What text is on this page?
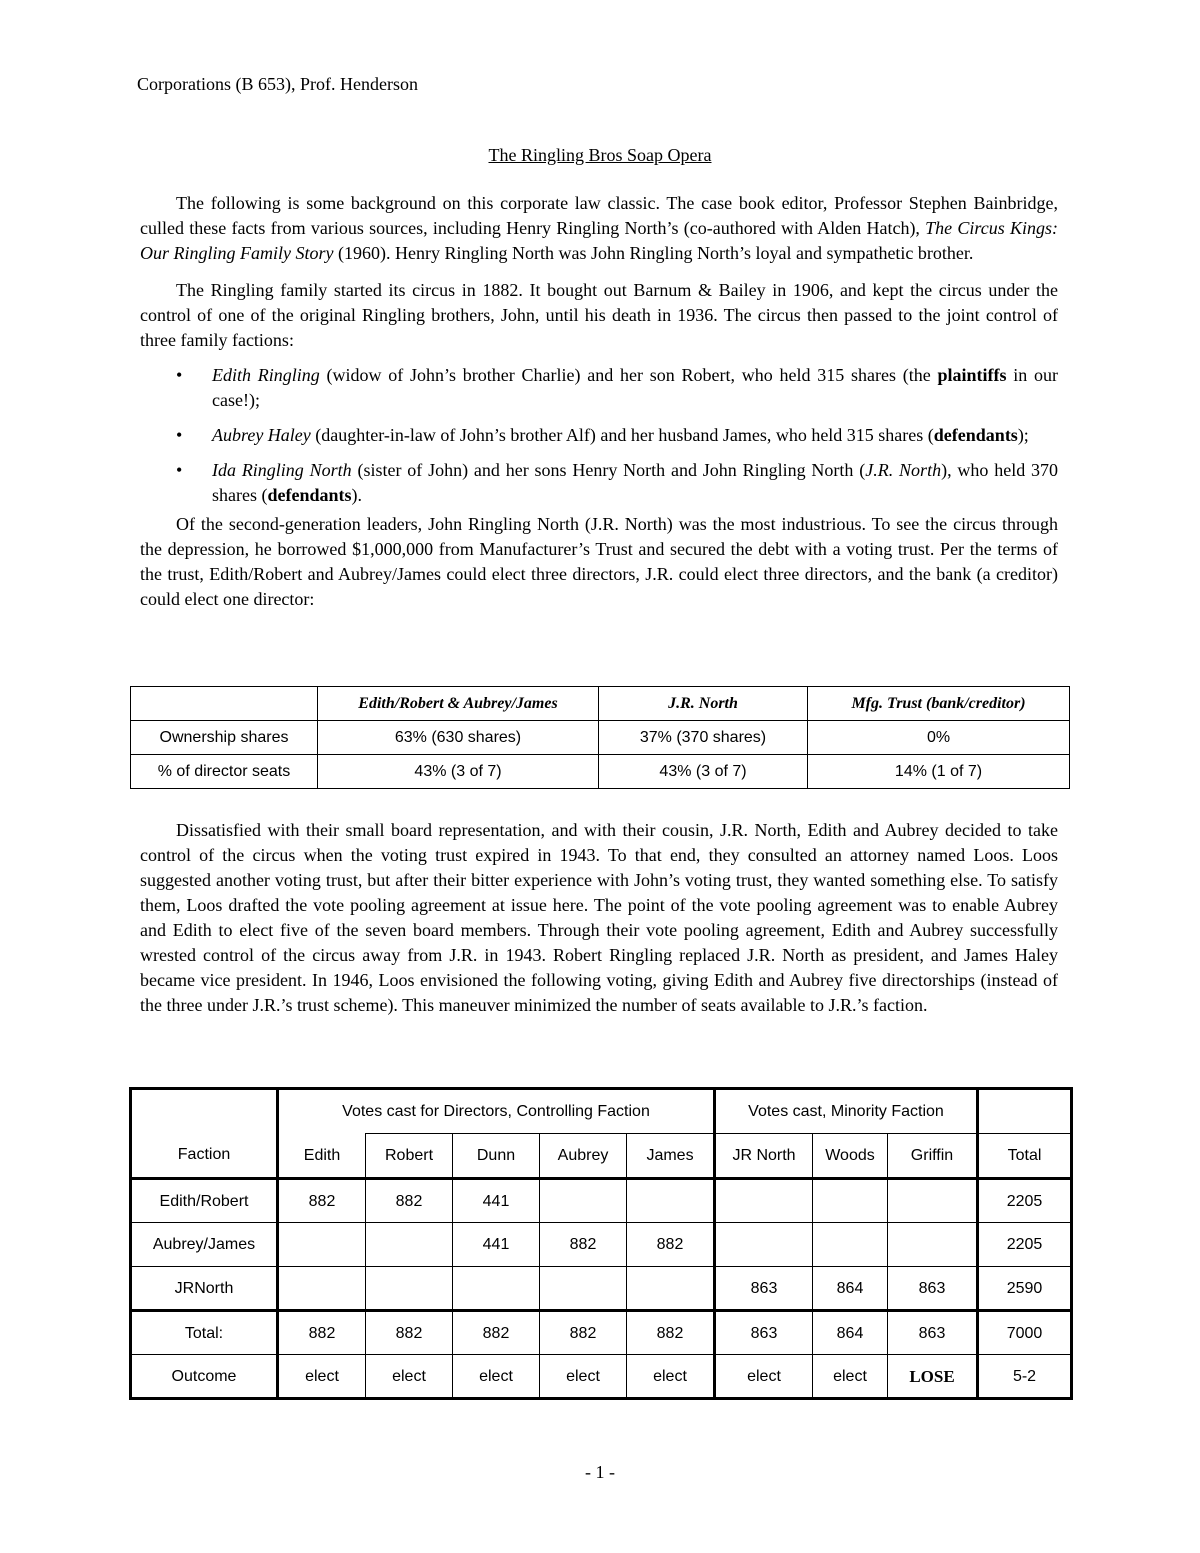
Corporations (B 653), Prof. Henderson
The Ringling Bros Soap Opera

The following is some background on this corporate law classic. The case book editor, Professor Stephen Bainbridge, culled these facts from various sources, including Henry Ringling North’s (co-authored with Alden Hatch), The Circus Kings: Our Ringling Family Story (1960). Henry Ringling North was John Ringling North’s loyal and sympathetic brother.

The Ringling family started its circus in 1882. It bought out Barnum & Bailey in 1906, and kept the circus under the control of one of the original Ringling brothers, John, until his death in 1936. The circus then passed to the joint control of three family factions:

• Edith Ringling (widow of John’s brother Charlie) and her son Robert, who held 315 shares (the plaintiffs in our case!);
• Aubrey Haley (daughter-in-law of John’s brother Alf) and her husband James, who held 315 shares (defendants);
• Ida Ringling North (sister of John) and her sons Henry North and John Ringling North (J.R. North), who held 370 shares (defendants).

Of the second-generation leaders, John Ringling North (J.R. North) was the most industrious. To see the circus through the depression, he borrowed $1,000,000 from Manufacturer’s Trust and secured the debt with a voting trust. Per the terms of the trust, Edith/Robert and Aubrey/James could elect three directors, J.R. could elect three directors, and the bank (a creditor) could elect one director:

	Edith/Robert & Aubrey/James	J.R. North	Mfg. Trust (bank/creditor)
Ownership shares	63% (630 shares)	37% (370 shares)	0%
% of director seats	43% (3 of 7)	43% (3 of 7)	14% (1 of 7)

Dissatisfied with their small board representation, and with their cousin, J.R. North, Edith and Aubrey decided to take control of the circus when the voting trust expired in 1943. To that end, they consulted an attorney named Loos. Loos suggested another voting trust, but after their bitter experience with John’s voting trust, they wanted something else. To satisfy them, Loos drafted the vote pooling agreement at issue here. The point of the vote pooling agreement was to enable Aubrey and Edith to elect five of the seven board members. Through their vote pooling agreement, Edith and Aubrey successfully wrested control of the circus away from J.R. in 1943. Robert Ringling replaced J.R. North as president, and James Haley became vice president. In 1946, Loos envisioned the following voting, giving Edith and Aubrey five directorships (instead of the three under J.R.’s trust scheme). This maneuver minimized the number of seats available to J.R.’s faction.

Faction	Votes cast for Directors, Controlling Faction					Votes cast, Minority Faction			
	Edith	Robert	Dunn	Aubrey	James	JR North	Woods	Griffin	Total
Edith/Robert	882	882	441						2205
Aubrey/James			441	882	882				2205
JRNorth						863	864	863	2590
Total:	882	882	882	882	882	863	864	863	7000
Outcome	elect	elect	elect	elect	elect	elect	elect	LOSE	5-2
- 1 -
